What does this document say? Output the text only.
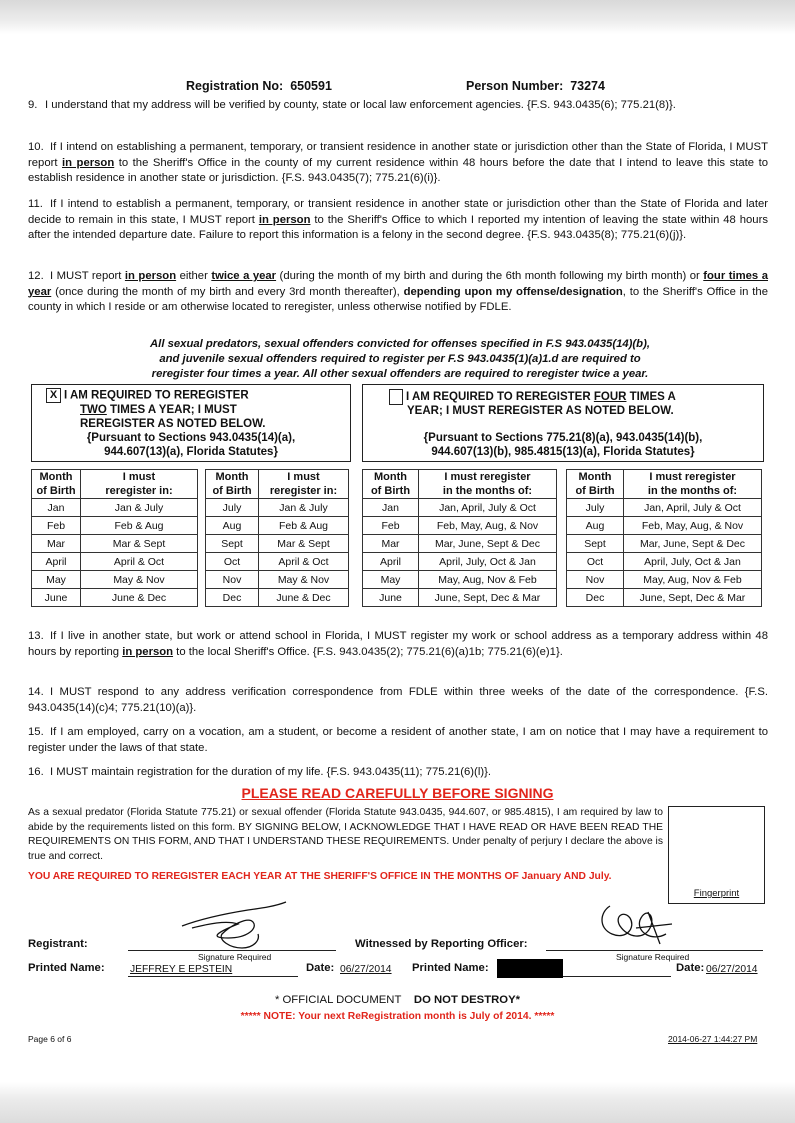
Registration No: 650591	Person Number: 73274
9. I understand that my address will be verified by county, state or local law enforcement agencies. {F.S. 943.0435(6); 775.21(8)}.
10. If I intend on establishing a permanent, temporary, or transient residence in another state or jurisdiction other than the State of Florida, I MUST report in person to the Sheriff's Office in the county of my current residence within 48 hours before the date that I intend to leave this state to establish residence in another state or jurisdiction. {F.S. 943.0435(7); 775.21(6)(i)}.
11. If I intend to establish a permanent, temporary, or transient residence in another state or jurisdiction other than the State of Florida and later decide to remain in this state, I MUST report in person to the Sheriff's Office to which I reported my intention of leaving the state within 48 hours after the intended departure date. Failure to report this information is a felony in the second degree. {F.S. 943.0435(8); 775.21(6)(j)}.
12. I MUST report in person either twice a year (during the month of my birth and during the 6th month following my birth month) or four times a year (once during the month of my birth and every 3rd month thereafter), depending upon my offense/designation, to the Sheriff's Office in the county in which I reside or am otherwise located to reregister, unless otherwise notified by FDLE.
All sexual predators, sexual offenders convicted for offenses specified in F.S 943.0435(14)(b),
and juvenile sexual offenders required to register per F.S 943.0435(1)(a)1.d are required to
reregister four times a year. All other sexual offenders are required to reregister twice a year.
X I AM REQUIRED TO REREGISTER
TWO TIMES A YEAR; I MUST
REREGISTER AS NOTED BELOW.
{Pursuant to Sections 943.0435(14)(a),
944.607(13)(a), Florida Statutes}
I AM REQUIRED TO REREGISTER FOUR TIMES A
YEAR; I MUST REREGISTER AS NOTED BELOW.
{Pursuant to Sections 775.21(8)(a), 943.0435(14)(b),
944.607(13)(b), 985.4815(13)(a), Florida Statutes}
Month
of Birth	I must
reregister in:
Jan	Jan & July
Feb	Feb & Aug
Mar	Mar & Sept
April	April & Oct
May	May & Nov
June	June & Dec
Month
of Birth	I must
reregister in:
July	Jan & July
Aug	Feb & Aug
Sept	Mar & Sept
Oct	April & Oct
Nov	May & Nov
Dec	June & Dec
Month
of Birth	I must reregister
in the months of:
Jan	Jan, April, July & Oct
Feb	Feb, May, Aug, & Nov
Mar	Mar, June, Sept & Dec
April	April, July, Oct & Jan
May	May, Aug, Nov & Feb
June	June, Sept, Dec & Mar
Month
of Birth	I must reregister
in the months of:
July	Jan, April, July & Oct
Aug	Feb, May, Aug, & Nov
Sept	Mar, June, Sept & Dec
Oct	April, July, Oct & Jan
Nov	May, Aug, Nov & Feb
Dec	June, Sept, Dec & Mar
13. If I live in another state, but work or attend school in Florida, I MUST register my work or school address as a temporary address within 48 hours by reporting in person to the local Sheriff's Office. {F.S. 943.0435(2); 775.21(6)(a)1b; 775.21(6)(e)1}.
14. I MUST respond to any address verification correspondence from FDLE within three weeks of the date of the correspondence. {F.S. 943.0435(14)(c)4; 775.21(10)(a)}.
15. If I am employed, carry on a vocation, am a student, or become a resident of another state, I am on notice that I may have a requirement to register under the laws of that state.
16. I MUST maintain registration for the duration of my life. {F.S. 943.0435(11); 775.21(6)(l)}.
PLEASE READ CAREFULLY BEFORE SIGNING
As a sexual predator (Florida Statute 775.21) or sexual offender (Florida Statute 943.0435, 944.607, or 985.4815), I am required by law to abide by the requirements listed on this form. BY SIGNING BELOW, I ACKNOWLEDGE THAT I HAVE READ OR HAVE BEEN READ THE REQUIREMENTS ON THIS FORM, AND THAT I UNDERSTAND THESE REQUIREMENTS. Under penalty of perjury I declare the above is true and correct.
YOU ARE REQUIRED TO REREGISTER EACH YEAR AT THE SHERIFF'S OFFICE IN THE MONTHS OF January AND July.
Fingerprint
Registrant:
Signature Required
Witnessed by Reporting Officer:
Signature Required
Printed Name: JEFFREY E EPSTEIN	Date: 06/27/2014 Printed Name:	Date: 06/27/2014
* OFFICIAL DOCUMENT DO NOT DESTROY*
***** NOTE: Your next ReRegistration month is July of 2014. *****
Page 6 of 6	2014-06-27 1:44:27 PM
